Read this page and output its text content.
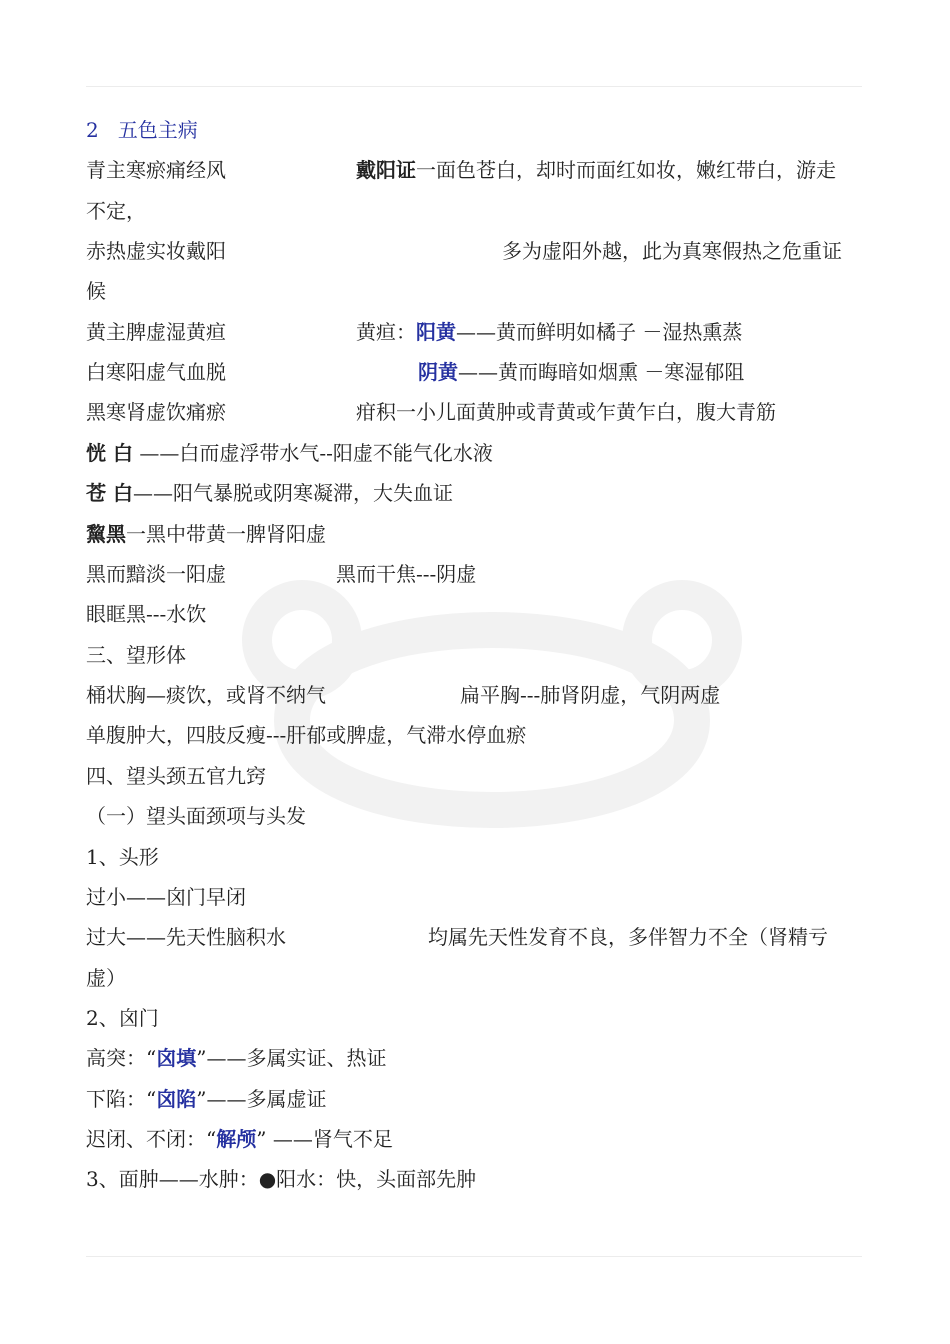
2 五色主病
青主寒瘀痛经风	戴阳证一面色苍白，却时而面红如妆，嫩红带白，游走
不定，
赤热虚实妆戴阳	多为虚阳外越，此为真寒假热之危重证
候
黄主脾虚湿黄疸	黄疸：阳黄——黄而鲜明如橘子 －湿热熏蒸
白寒阳虚气血脱	阴黄——黄而晦暗如烟熏 －寒湿郁阻
黑寒肾虚饮痛瘀	疳积一小儿面黄肿或青黄或乍黄乍白，腹大青筋
恍 白 ——白而虚浮带水气--阳虚不能气化水液
苍 白——阳气暴脱或阴寒凝滞，大失血证
黧黑一黑中带黄一脾肾阳虚
黑而黯淡一阳虚	黑而干焦---阴虚
眼眶黑---水饮
三、望形体
桶状胸—痰饮，或肾不纳气	扁平胸---肺肾阴虚，气阴两虚
单腹肿大，四肢反瘦---肝郁或脾虚，气滞水停血瘀
四、望头颈五官九窍
（一）望头面颈项与头发
1、头形
过小——囟门早闭
过大——先天性脑积水	均属先天性发育不良，多伴智力不全（肾精亏
虚）
2、囟门
高突：“囟填”——多属实证、热证
下陷：“囟陷”——多属虚证
迟闭、不闭：“解颅” ——肾气不足
3、面肿——水肿：●阳水：快，头面部先肿
